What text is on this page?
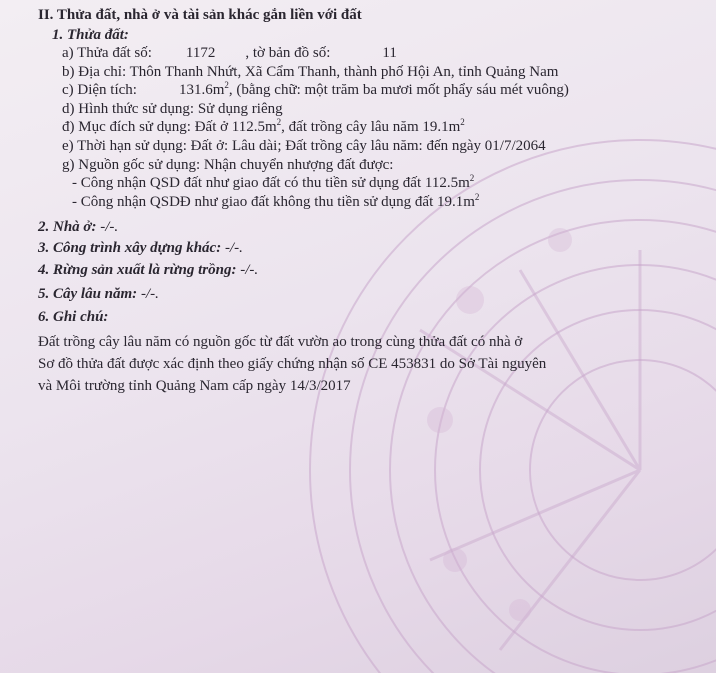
II. Thửa đất, nhà ở và tài sản khác gắn liền với đất
1. Thửa đất:
a) Thửa đất số: 1172 , tờ bản đồ số:	11
b) Địa chỉ: Thôn Thanh Nhứt, Xã Cẩm Thanh, thành phố Hội An, tỉnh Quảng Nam
c) Diện tích:	$131.6m^2$, (bằng chữ: một trăm ba mươi mốt phẩy sáu mét vuông)
d) Hình thức sử dụng: Sử dụng riêng
đ) Mục đích sử dụng: Đất ở $112.5m^2$, đất trồng cây lâu năm $19.1m^2$
e) Thời hạn sử dụng: Đất ở: Lâu dài; Đất trồng cây lâu năm: đến ngày 01/7/2064
g) Nguồn gốc sử dụng: Nhận chuyển nhượng đất được:
- Công nhận QSD đất như giao đất có thu tiền sử dụng đất $112.5m^2$
- Công nhận QSDĐ như giao đất không thu tiền sử dụng đất $19.1m^2$
2. Nhà ở: -/-.
3. Công trình xây dựng khác: -/-.
4. Rừng sản xuất là rừng trồng: -/-.
5. Cây lâu năm: -/-.
6. Ghi chú:
Đất trồng cây lâu năm có nguồn gốc từ đất vườn ao trong cùng thửa đất có nhà ở
Sơ đồ thửa đất được xác định theo giấy chứng nhận số CE 453831 do Sở Tài nguyên
và Môi trường tỉnh Quảng Nam cấp ngày 14/3/2017
